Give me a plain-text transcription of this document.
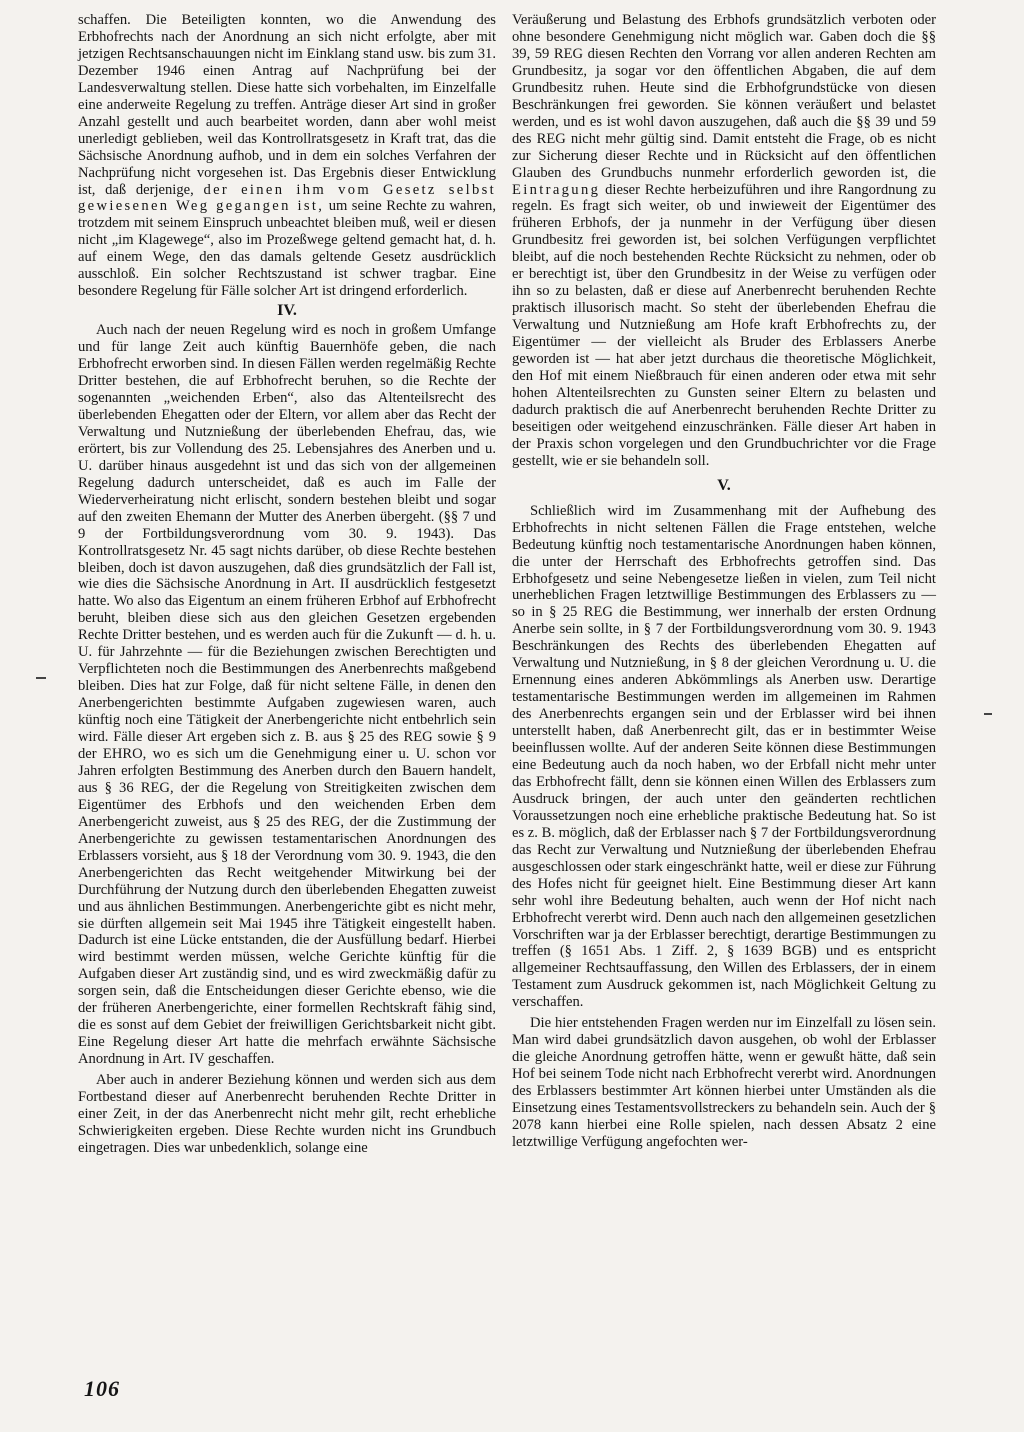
schaffen. Die Beteiligten konnten, wo die Anwendung des Erbhofrechts nach der Anordnung an sich nicht erfolgte, aber mit jetzigen Rechtsanschauungen nicht im Einklang stand usw. bis zum 31. Dezember 1946 einen Antrag auf Nachprüfung bei der Landesverwaltung stellen. Diese hatte sich vorbehalten, im Einzelfalle eine anderweite Regelung zu treffen. Anträge dieser Art sind in großer Anzahl gestellt und auch bearbeitet worden, dann aber wohl meist unerledigt geblieben, weil das Kontrollratsgesetz in Kraft trat, das die Sächsische Anordnung aufhob, und in dem ein solches Verfahren der Nachprüfung nicht vorgesehen ist. Das Ergebnis dieser Entwicklung ist, daß derjenige, der einen ihm vom Gesetz selbst gewiesenen Weg gegangen ist, um seine Rechte zu wahren, trotzdem mit seinem Einspruch unbeachtet bleiben muß, weil er diesen nicht „im Klagewege“, also im Prozeßwege geltend gemacht hat, d. h. auf einem Wege, den das damals geltende Gesetz ausdrücklich ausschloß. Ein solcher Rechtszustand ist schwer tragbar. Eine besondere Regelung für Fälle solcher Art ist dringend erforderlich.

IV.

Auch nach der neuen Regelung wird es noch in großem Umfange und für lange Zeit auch künftig Bauernhöfe geben, die nach Erbhofrecht erworben sind. In diesen Fällen werden regelmäßig Rechte Dritter bestehen, die auf Erbhofrecht beruhen, so die Rechte der sogenannten „weichenden Erben“, also das Altenteilsrecht des überlebenden Ehegatten oder der Eltern, vor allem aber das Recht der Verwaltung und Nutznießung der überlebenden Ehefrau, das, wie erörtert, bis zur Vollendung des 25. Lebensjahres des Anerben und u. U. darüber hinaus ausgedehnt ist und das sich von der allgemeinen Regelung dadurch unterscheidet, daß es auch im Falle der Wiederverheiratung nicht erlischt, sondern bestehen bleibt und sogar auf den zweiten Ehemann der Mutter des Anerben übergeht. (§§ 7 und 9 der Fortbildungsverordnung vom 30. 9. 1943). Das Kontrollratsgesetz Nr. 45 sagt nichts darüber, ob diese Rechte bestehen bleiben, doch ist davon auszugehen, daß dies grundsätzlich der Fall ist, wie dies die Sächsische Anordnung in Art. II ausdrücklich festgesetzt hatte. Wo also das Eigentum an einem früheren Erbhof auf Erbhofrecht beruht, bleiben diese sich aus den gleichen Gesetzen ergebenden Rechte Dritter bestehen, und es werden auch für die Zukunft — d. h. u. U. für Jahrzehnte — für die Beziehungen zwischen Berechtigten und Verpflichteten noch die Bestimmungen des Anerbenrechts maßgebend bleiben. Dies hat zur Folge, daß für nicht seltene Fälle, in denen den Anerbengerichten bestimmte Aufgaben zugewiesen waren, auch künftig noch eine Tätigkeit der Anerbengerichte nicht entbehrlich sein wird. Fälle dieser Art ergeben sich z. B. aus § 25 des REG sowie § 9 der EHRO, wo es sich um die Genehmigung einer u. U. schon vor Jahren erfolgten Bestimmung des Anerben durch den Bauern handelt, aus § 36 REG, der die Regelung von Streitigkeiten zwischen dem Eigentümer des Erbhofs und den weichenden Erben dem Anerbengericht zuweist, aus § 25 des REG, der die Zustimmung der Anerbengerichte zu gewissen testamentarischen Anordnungen des Erblassers vorsieht, aus § 18 der Verordnung vom 30. 9. 1943, die den Anerbengerichten das Recht weitgehender Mitwirkung bei der Durchführung der Nutzung durch den überlebenden Ehegatten zuweist und aus ähnlichen Bestimmungen. Anerbengerichte gibt es nicht mehr, sie dürften allgemein seit Mai 1945 ihre Tätigkeit eingestellt haben. Dadurch ist eine Lücke entstanden, die der Ausfüllung bedarf. Hierbei wird bestimmt werden müssen, welche Gerichte künftig für die Aufgaben dieser Art zuständig sind, und es wird zweckmäßig dafür zu sorgen sein, daß die Entscheidungen dieser Gerichte ebenso, wie die der früheren Anerbengerichte, einer formellen Rechtskraft fähig sind, die es sonst auf dem Gebiet der freiwilligen Gerichtsbarkeit nicht gibt. Eine Regelung dieser Art hatte die mehrfach erwähnte Sächsische Anordnung in Art. IV geschaffen.

Aber auch in anderer Beziehung können und werden sich aus dem Fortbestand dieser auf Anerbenrecht beruhenden Rechte Dritter in einer Zeit, in der das Anerbenrecht nicht mehr gilt, recht erhebliche Schwierigkeiten ergeben. Diese Rechte wurden nicht ins Grundbuch eingetragen. Dies war unbedenklich, solange eine

Veräußerung und Belastung des Erbhofs grundsätzlich verboten oder ohne besondere Genehmigung nicht möglich war. Gaben doch die §§ 39, 59 REG diesen Rechten den Vorrang vor allen anderen Rechten am Grundbesitz, ja sogar vor den öffentlichen Abgaben, die auf dem Grundbesitz ruhen. Heute sind die Erbhofgrundstücke von diesen Beschränkungen frei geworden. Sie können veräußert und belastet werden, und es ist wohl davon auszugehen, daß auch die §§ 39 und 59 des REG nicht mehr gültig sind. Damit entsteht die Frage, ob es nicht zur Sicherung dieser Rechte und in Rücksicht auf den öffentlichen Glauben des Grundbuchs nunmehr erforderlich geworden ist, die Eintragung dieser Rechte herbeizuführen und ihre Rangordnung zu regeln. Es fragt sich weiter, ob und inwieweit der Eigentümer des früheren Erbhofs, der ja nunmehr in der Verfügung über diesen Grundbesitz frei geworden ist, bei solchen Verfügungen verpflichtet bleibt, auf die noch bestehenden Rechte Rücksicht zu nehmen, oder ob er berechtigt ist, über den Grundbesitz in der Weise zu verfügen oder ihn so zu belasten, daß er diese auf Anerbenrecht beruhenden Rechte praktisch illusorisch macht. So steht der überlebenden Ehefrau die Verwaltung und Nutznießung am Hofe kraft Erbhofrechts zu, der Eigentümer — der vielleicht als Bruder des Erblassers Anerbe geworden ist — hat aber jetzt durchaus die theoretische Möglichkeit, den Hof mit einem Nießbrauch für einen anderen oder etwa mit sehr hohen Altenteilsrechten zu Gunsten seiner Eltern zu belasten und dadurch praktisch die auf Anerbenrecht beruhenden Rechte Dritter zu beseitigen oder weitgehend einzuschränken. Fälle dieser Art haben in der Praxis schon vorgelegen und den Grundbuchrichter vor die Frage gestellt, wie er sie behandeln soll.

V.

Schließlich wird im Zusammenhang mit der Aufhebung des Erbhofrechts in nicht seltenen Fällen die Frage entstehen, welche Bedeutung künftig noch testamentarische Anordnungen haben können, die unter der Herrschaft des Erbhofrechts getroffen sind. Das Erbhofgesetz und seine Nebengesetze ließen in vielen, zum Teil nicht unerheblichen Fragen letztwillige Bestimmungen des Erblassers zu — so in § 25 REG die Bestimmung, wer innerhalb der ersten Ordnung Anerbe sein sollte, in § 7 der Fortbildungsverordnung vom 30. 9. 1943 Beschränkungen des Rechts des überlebenden Ehegatten auf Verwaltung und Nutznießung, in § 8 der gleichen Verordnung u. U. die Ernennung eines anderen Abkömmlings als Anerben usw. Derartige testamentarische Bestimmungen werden im allgemeinen im Rahmen des Anerbenrechts ergangen sein und der Erblasser wird bei ihnen unterstellt haben, daß Anerbenrecht gilt, das er in bestimmter Weise beeinflussen wollte. Auf der anderen Seite können diese Bestimmungen eine Bedeutung auch da noch haben, wo der Erbfall nicht mehr unter das Erbhofrecht fällt, denn sie können einen Willen des Erblassers zum Ausdruck bringen, der auch unter den geänderten rechtlichen Voraussetzungen noch eine erhebliche praktische Bedeutung hat. So ist es z. B. möglich, daß der Erblasser nach § 7 der Fortbildungsverordnung das Recht zur Verwaltung und Nutznießung der überlebenden Ehefrau ausgeschlossen oder stark eingeschränkt hatte, weil er diese zur Führung des Hofes nicht für geeignet hielt. Eine Bestimmung dieser Art kann sehr wohl ihre Bedeutung behalten, auch wenn der Hof nicht nach Erbhofrecht vererbt wird. Denn auch nach den allgemeinen gesetzlichen Vorschriften war ja der Erblasser berechtigt, derartige Bestimmungen zu treffen (§ 1651 Abs. 1 Ziff. 2, § 1639 BGB) und es entspricht allgemeiner Rechtsauffassung, den Willen des Erblassers, der in einem Testament zum Ausdruck gekommen ist, nach Möglichkeit Geltung zu verschaffen.

Die hier entstehenden Fragen werden nur im Einzelfall zu lösen sein. Man wird dabei grundsätzlich davon ausgehen, ob wohl der Erblasser die gleiche Anordnung getroffen hätte, wenn er gewußt hätte, daß sein Hof bei seinem Tode nicht nach Erbhofrecht vererbt wird. Anordnungen des Erblassers bestimmter Art können hierbei unter Umständen als die Einsetzung eines Testamentsvollstreckers zu behandeln sein. Auch der § 2078 kann hierbei eine Rolle spielen, nach dessen Absatz 2 eine letztwillige Verfügung angefochten wer-

106
